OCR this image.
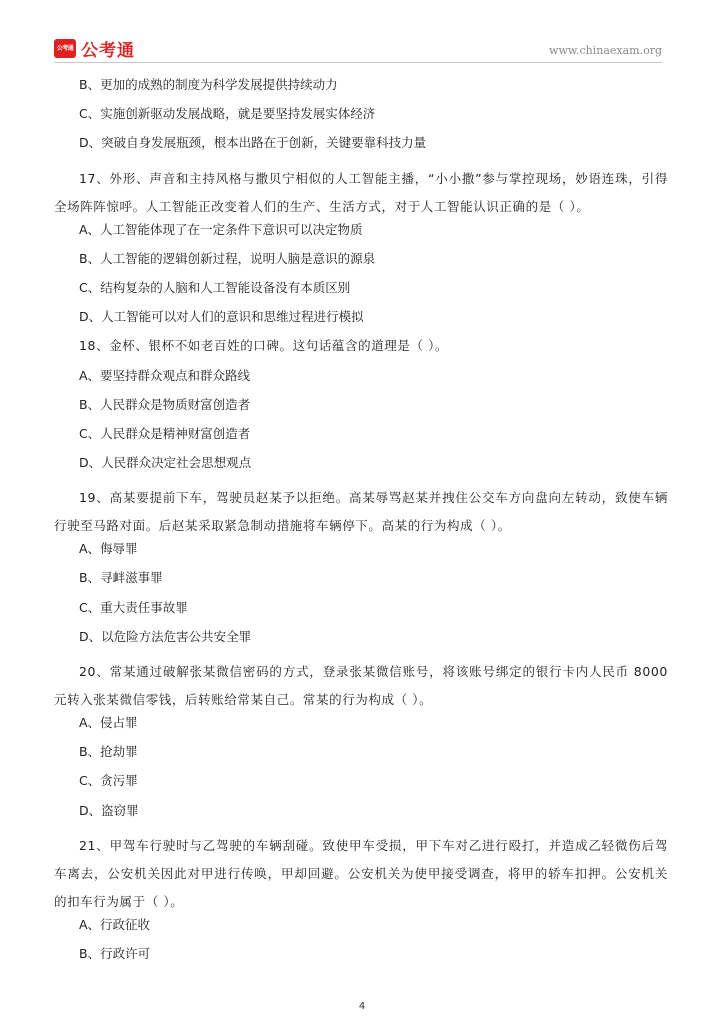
公考通 公考通	www.chinaexam.org
B、更加的成熟的制度为科学发展提供持续动力
C、实施创新驱动发展战略，就是要坚持发展实体经济
D、突破自身发展瓶颈，根本出路在于创新，关键要靠科技力量
17、外形、声音和主持风格与撒贝宁相似的人工智能主播，“小小撒”参与掌控现场，妙语连珠，引得全场阵阵惊呼。人工智能正改变着人们的生产、生活方式，对于人工智能认识正确的是（ ）。
A、人工智能体现了在一定条件下意识可以决定物质
B、人工智能的逻辑创新过程，说明人脑是意识的源泉
C、结构复杂的人脑和人工智能设备没有本质区别
D、人工智能可以对人们的意识和思维过程进行模拟
18、金杯、银杯不如老百姓的口碑。这句话蕴含的道理是（ ）。
A、要坚持群众观点和群众路线
B、人民群众是物质财富创造者
C、人民群众是精神财富创造者
D、人民群众决定社会思想观点
19、高某要提前下车，驾驶员赵某予以拒绝。高某辱骂赵某并拽住公交车方向盘向左转动，致使车辆行驶至马路对面。后赵某采取紧急制动措施将车辆停下。高某的行为构成（ ）。
A、侮辱罪
B、寻衅滋事罪
C、重大责任事故罪
D、以危险方法危害公共安全罪
20、常某通过破解张某微信密码的方式，登录张某微信账号，将该账号绑定的银行卡内人民币 8000 元转入张某微信零钱，后转账给常某自己。常某的行为构成（ ）。
A、侵占罪
B、抢劫罪
C、贪污罪
D、盗窃罪
21、甲驾车行驶时与乙驾驶的车辆刮碰。致使甲车受损，甲下车对乙进行殴打，并造成乙轻微伤后驾车离去，公安机关因此对甲进行传唤，甲却回避。公安机关为使甲接受调查，将甲的轿车扣押。公安机关的扣车行为属于（ ）。
A、行政征收
B、行政许可
4
